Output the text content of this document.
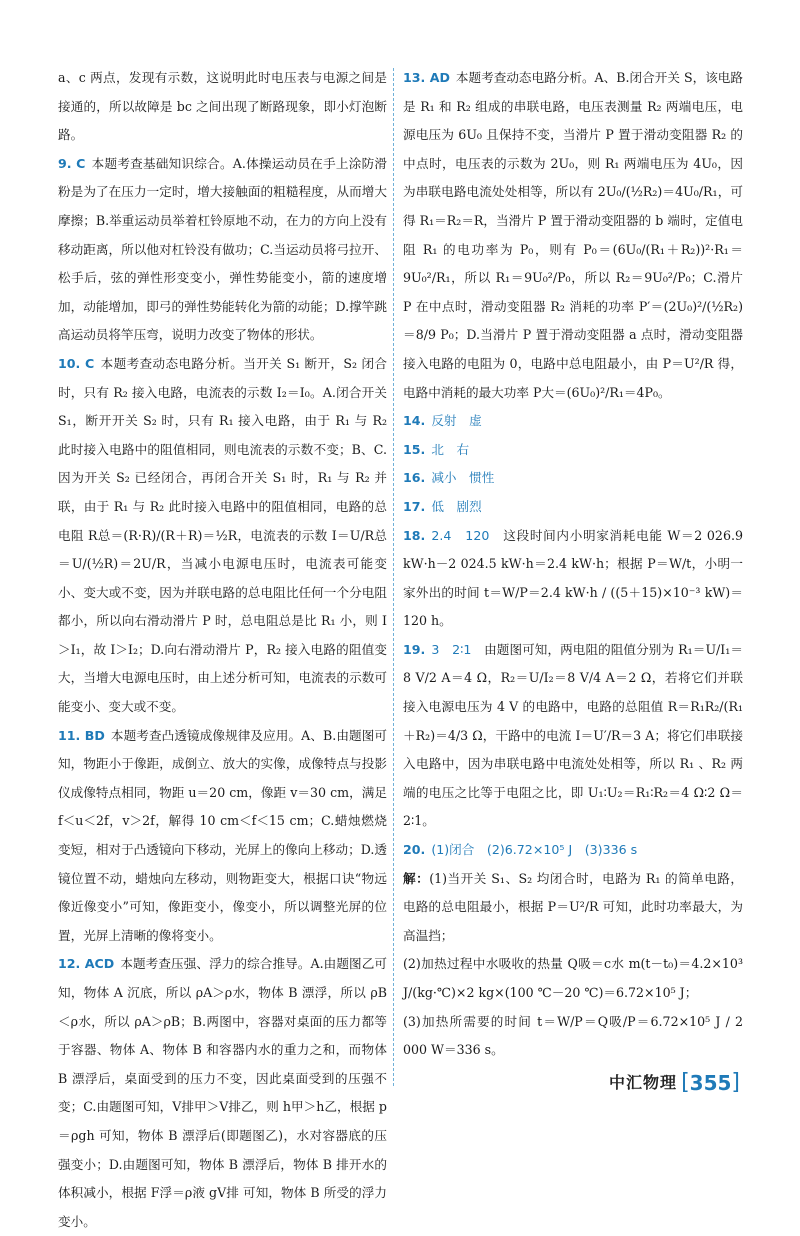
a、c 两点，发现有示数，这说明此时电压表与电源之间是接通的，所以故障是 bc 之间出现了断路现象，即小灯泡断路。

9. C 本题考查基础知识综合。A.体操运动员在手上涂防滑粉是为了在压力一定时，增大接触面的粗糙程度，从而增大摩擦；B.举重运动员举着杠铃原地不动，在力的方向上没有移动距离，所以他对杠铃没有做功；C.当运动员将弓拉开、松手后，弦的弹性形变变小，弹性势能变小，箭的速度增加，动能增加，即弓的弹性势能转化为箭的动能；D.撑竿跳高运动员将竿压弯，说明力改变了物体的形状。

10. C 本题考查动态电路分析。当开关 S₁ 断开，S₂ 闭合时，只有 R₂ 接入电路，电流表的示数 I₂＝I₀。A.闭合开关 S₁，断开开关 S₂ 时，只有 R₁ 接入电路，由于 R₁ 与 R₂ 此时接入电路中的阻值相同，则电流表的示数不变；B、C.因为开关 S₂ 已经闭合，再闭合开关 S₁ 时，R₁ 与 R₂ 并联，由于 R₁ 与 R₂ 此时接入电路中的阻值相同，电路的总电阻 R总＝(R·R)/(R＋R)＝½R，电流表的示数 I＝U/R总＝U/(½R)＝2U/R，当减小电源电压时，电流表可能变小、变大或不变，因为并联电路的总电阻比任何一个分电阻都小，所以向右滑动滑片 P 时，总电阻总是比 R₁ 小，则 I＞I₁，故 I＞I₂；D.向右滑动滑片 P，R₂ 接入电路的阻值变大，当增大电源电压时，由上述分析可知，电流表的示数可能变小、变大或不变。

11. BD 本题考查凸透镜成像规律及应用。A、B.由题图可知，物距小于像距，成倒立、放大的实像，成像特点与投影仪成像特点相同，物距 u＝20 cm，像距 v＝30 cm，满足 f＜u＜2f，v＞2f，解得 10 cm＜f＜15 cm；C.蜡烛燃烧变短，相对于凸透镜向下移动，光屏上的像向上移动；D.透镜位置不动，蜡烛向左移动，则物距变大，根据口诀“物远像近像变小”可知，像距变小，像变小，所以调整光屏的位置，光屏上清晰的像将变小。

12. ACD 本题考查压强、浮力的综合推导。A.由题图乙可知，物体 A 沉底，所以 ρA＞ρ水，物体 B 漂浮，所以 ρB＜ρ水，所以 ρA＞ρB；B.两图中，容器对桌面的压力都等于容器、物体 A、物体 B 和容器内水的重力之和，而物体 B 漂浮后，桌面受到的压力不变，因此桌面受到的压强不变；C.由题图可知，V排甲＞V排乙，则 h甲＞h乙，根据 p＝ρgh 可知，物体 B 漂浮后(即题图乙)，水对容器底的压强变小；D.由题图可知，物体 B 漂浮后，物体 B 排开水的体积减小，根据 F浮＝ρ液 gV排 可知，物体 B 所受的浮力变小。

13. AD 本题考查动态电路分析。A、B.闭合开关 S，该电路是 R₁ 和 R₂ 组成的串联电路，电压表测量 R₂ 两端电压，电源电压为 6U₀ 且保持不变，当滑片 P 置于滑动变阻器 R₂ 的中点时，电压表的示数为 2U₀，则 R₁ 两端电压为 4U₀，因为串联电路电流处处相等，所以有 2U₀/(½R₂)＝4U₀/R₁，可得 R₁＝R₂＝R，当滑片 P 置于滑动变阻器的 b 端时，定值电阻 R₁ 的电功率为 P₀，则有 P₀＝(6U₀/(R₁＋R₂))²·R₁＝9U₀²/R₁，所以 R₁＝9U₀²/P₀，所以 R₂＝9U₀²/P₀；C.滑片 P 在中点时，滑动变阻器 R₂ 消耗的功率 P′＝(2U₀)²/(½R₂)＝8/9 P₀；D.当滑片 P 置于滑动变阻器 a 点时，滑动变阻器接入电路的电阻为 0，电路中总电阻最小，由 P＝U²/R 得，电路中消耗的最大功率 P大＝(6U₀)²/R₁＝4P₀。

14. 反射　虚

15. 北　右

16. 减小　惯性

17. 低　剧烈

18. 2.4　120　这段时间内小明家消耗电能 W＝2 026.9 kW·h－2 024.5 kW·h＝2.4 kW·h；根据 P＝W/t，小明一家外出的时间 t＝W/P＝2.4 kW·h / ((5＋15)×10⁻³ kW)＝120 h。

19. 3　2∶1　由题图可知，两电阻的阻值分别为 R₁＝U/I₁＝8 V/2 A＝4 Ω，R₂＝U/I₂＝8 V/4 A＝2 Ω，若将它们并联接入电源电压为 4 V 的电路中，电路的总阻值 R＝R₁R₂/(R₁＋R₂)＝4/3 Ω，干路中的电流 I＝U′/R＝3 A；将它们串联接入电路中，因为串联电路中电流处处相等，所以 R₁ 、R₂ 两端的电压之比等于电阻之比，即 U₁∶U₂＝R₁∶R₂＝4 Ω∶2 Ω＝2∶1。

20. (1)闭合　(2)6.72×10⁵ J　(3)336 s

解：(1)当开关 S₁、S₂ 均闭合时，电路为 R₁ 的简单电路，电路的总电阻最小，根据 P＝U²/R 可知，此时功率最大，为高温挡；

(2)加热过程中水吸收的热量 Q吸＝c水 m(t－t₀)＝4.2×10³ J/(kg·℃)×2 kg×(100 ℃－20 ℃)＝6.72×10⁵ J；

(3)加热所需要的时间 t＝W/P＝Q吸/P＝6.72×10⁵ J / 2 000 W＝336 s。

中汇物理 [ 355 ]
